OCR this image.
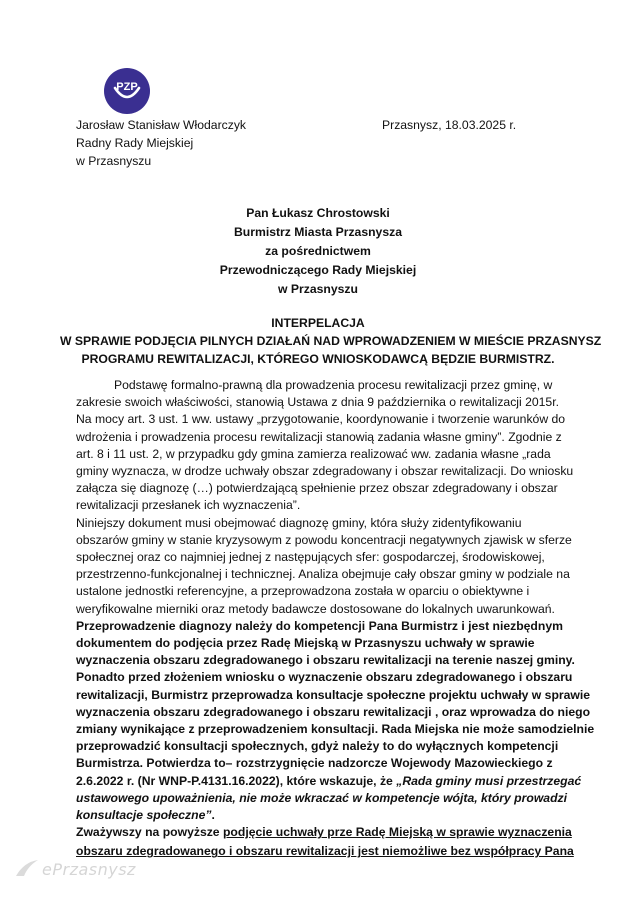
PZP
Jarosław Stanisław Włodarczyk
Radny Rady Miejskiej
w Przasnyszu
Przasnysz, 18.03.2025 r.
Pan Łukasz Chrostowski
Burmistrz Miasta Przasnysza
za pośrednictwem
Przewodniczącego Rady Miejskiej
w Przasnyszu
INTERPELACJA
W SPRAWIE PODJĘCIA PILNYCH DZIAŁAŃ NAD WPROWADZENIEM W MIEŚCIE PRZASNYSZ
PROGRAMU REWITALIZACJI, KTÓREGO WNIOSKODAWCĄ BĘDZIE BURMISTRZ.
Podstawę formalno-prawną dla prowadzenia procesu rewitalizacji przez gminę, w
zakresie swoich właściwości, stanowią Ustawa z dnia 9 października o rewitalizacji 2015r.
Na mocy art. 3 ust. 1 ww. ustawy „przygotowanie, koordynowanie i tworzenie warunków do
wdrożenia i prowadzenia procesu rewitalizacji stanowią zadania własne gminy”. Zgodnie z
art. 8 i 11 ust. 2, w przypadku gdy gmina zamierza realizować ww. zadania własne „rada
gminy wyznacza, w drodze uchwały obszar zdegradowany i obszar rewitalizacji. Do wniosku
załącza się diagnozę (…) potwierdzającą spełnienie przez obszar zdegradowany i obszar
rewitalizacji przesłanek ich wyznaczenia”.
Niniejszy dokument musi obejmować diagnozę gminy, która służy zidentyfikowaniu
obszarów gminy w stanie kryzysowym z powodu koncentracji negatywnych zjawisk w sferze
społecznej oraz co najmniej jednej z następujących sfer: gospodarczej, środowiskowej,
przestrzenno-funkcjonalnej i technicznej. Analiza obejmuje cały obszar gminy w podziale na
ustalone jednostki referencyjne, a przeprowadzona została w oparciu o obiektywne i
weryfikowalne mierniki oraz metody badawcze dostosowane do lokalnych uwarunkowań.
Przeprowadzenie diagnozy należy do kompetencji Pana Burmistrz i jest niezbędnym
dokumentem do podjęcia przez Radę Miejską w Przasnyszu uchwały w sprawie
wyznaczenia obszaru zdegradowanego i obszaru rewitalizacji na terenie naszej gminy.
Ponadto przed złożeniem wniosku o wyznaczenie obszaru zdegradowanego i obszaru
rewitalizacji, Burmistrz przeprowadza konsultacje społeczne projektu uchwały w sprawie
wyznaczenia obszaru zdegradowanego i obszaru rewitalizacji , oraz wprowadza do niego
zmiany wynikające z przeprowadzeniem konsultacji. Rada Miejska nie może samodzielnie
przeprowadzić konsultacji społecznych, gdyż należy to do wyłącznych kompetencji
Burmistrza. Potwierdza to– rozstrzygnięcie nadzorcze Wojewody Mazowieckiego z
2.6.2022 r. (Nr WNP-P.4131.16.2022), które wskazuje, że „Rada gminy musi przestrzegać
ustawowego upoważnienia, nie może wkraczać w kompetencje wójta, który prowadzi
konsultacje społeczne”.
Zważywszy na powyższe podjęcie uchwały prze Radę Miejską w sprawie wyznaczenia
obszaru zdegradowanego i obszaru rewitalizacji jest niemożliwe bez współpracy Pana
ePrzasnysz
